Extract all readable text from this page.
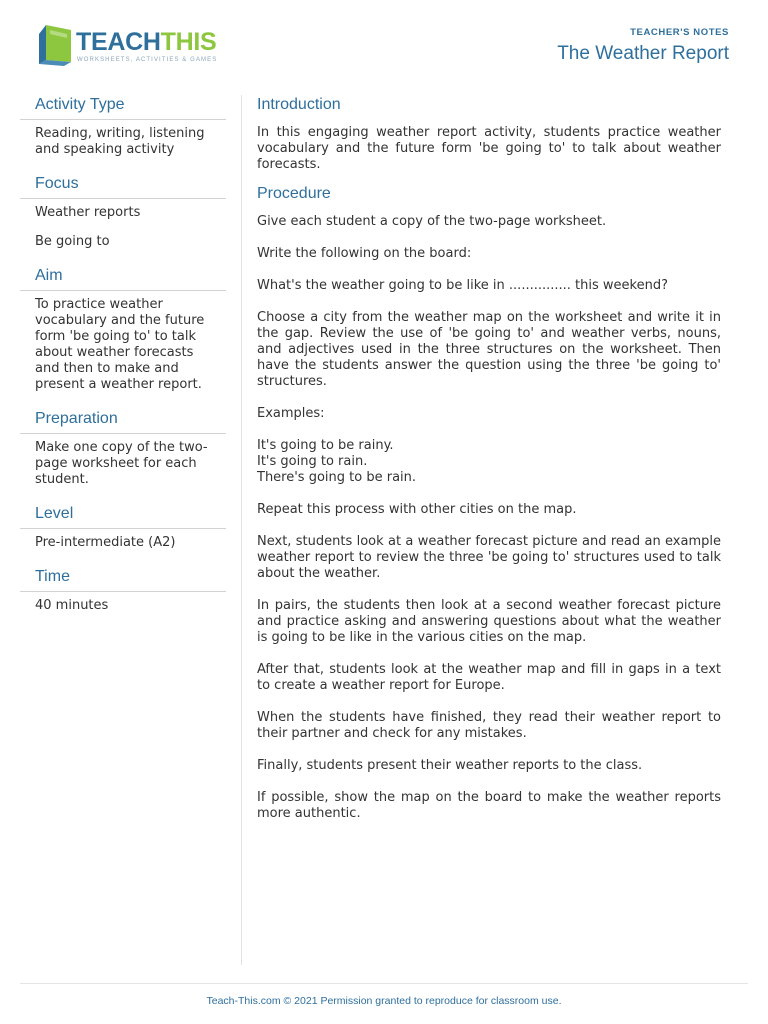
TEACHTHIS
WORKSHEETS, ACTIVITIES & GAMES
TEACHER'S NOTES
The Weather Report
Activity Type

Reading, writing, listening and speaking activity

Focus

Weather reports

Be going to

Aim

To practice weather vocabulary and the future form 'be going to' to talk about weather forecasts and then to make and present a weather report.

Preparation

Make one copy of the two-page worksheet for each student.

Level

Pre-intermediate (A2)

Time

40 minutes

Introduction

In this engaging weather report activity, students practice weather vocabulary and the future form 'be going to' to talk about weather forecasts.

Procedure

Give each student a copy of the two-page worksheet.

Write the following on the board:

What's the weather going to be like in ............... this weekend?

Choose a city from the weather map on the worksheet and write it in the gap. Review the use of 'be going to' and weather verbs, nouns, and adjectives used in the three structures on the worksheet. Then have the students answer the question using the three 'be going to' structures.

Examples:

It's going to be rainy.

It's going to rain.

There's going to be rain.

Repeat this process with other cities on the map.

Next, students look at a weather forecast picture and read an example weather report to review the three 'be going to' structures used to talk about the weather.

In pairs, the students then look at a second weather forecast picture and practice asking and answering questions about what the weather is going to be like in the various cities on the map.

After that, students look at the weather map and fill in gaps in a text to create a weather report for Europe.

When the students have finished, they read their weather report to their partner and check for any mistakes.

Finally, students present their weather reports to the class.

If possible, show the map on the board to make the weather reports more authentic.

Teach-This.com © 2021 Permission granted to reproduce for classroom use.
